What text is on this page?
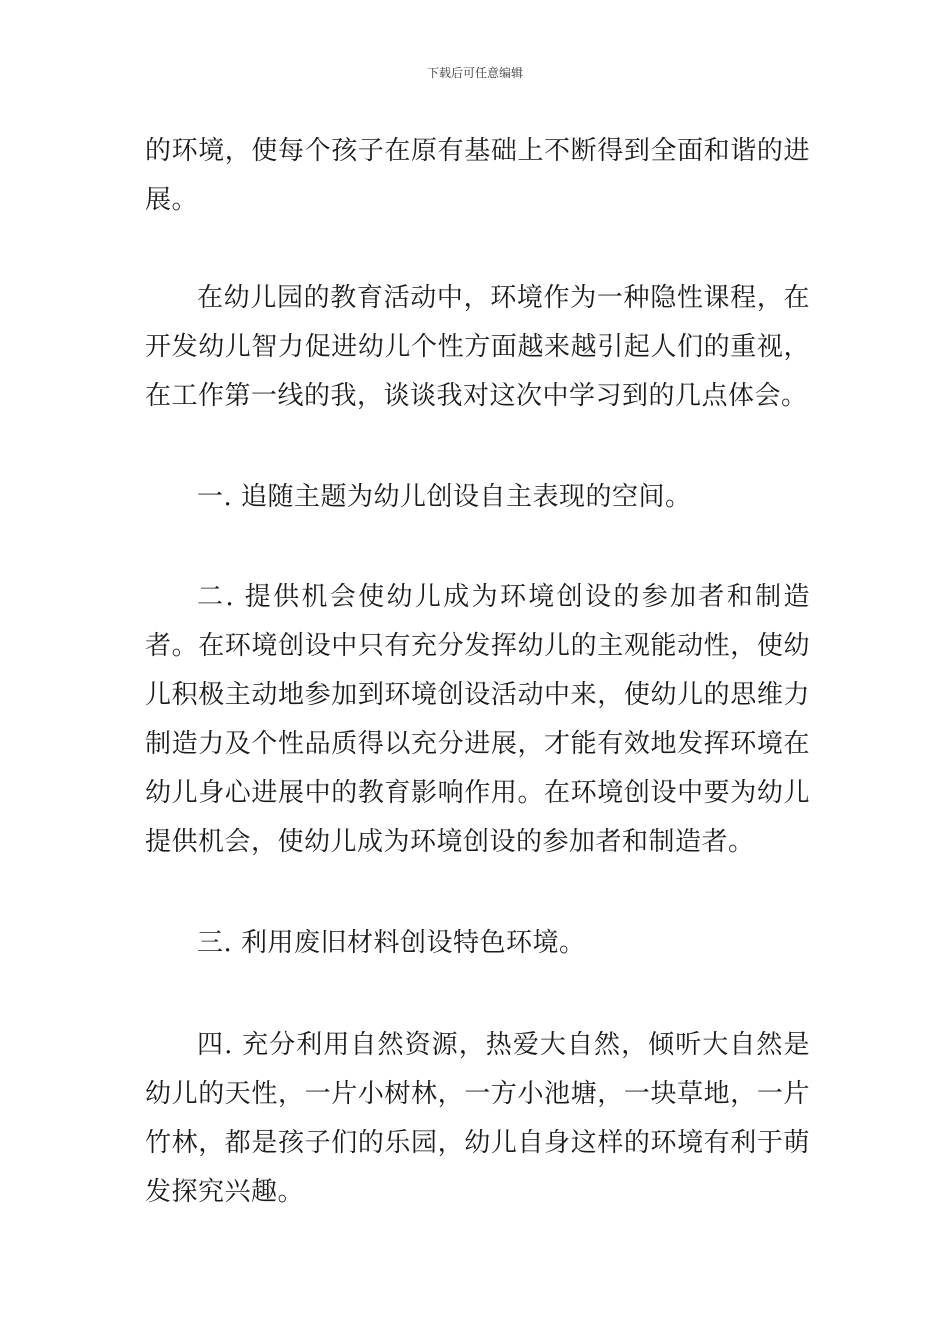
下载后可任意编辑

的环境，使每个孩子在原有基础上不断得到全面和谐的进展。

在幼儿园的教育活动中，环境作为一种隐性课程，在开发幼儿智力促进幼儿个性方面越来越引起人们的重视，在工作第一线的我，谈谈我对这次中学习到的几点体会。

一. 追随主题为幼儿创设自主表现的空间。

二. 提供机会使幼儿成为环境创设的参加者和制造者。在环境创设中只有充分发挥幼儿的主观能动性，使幼儿积极主动地参加到环境创设活动中来，使幼儿的思维力制造力及个性品质得以充分进展，才能有效地发挥环境在幼儿身心进展中的教育影响作用。在环境创设中要为幼儿提供机会，使幼儿成为环境创设的参加者和制造者。

三. 利用废旧材料创设特色环境。

四. 充分利用自然资源，热爱大自然，倾听大自然是幼儿的天性，一片小树林，一方小池塘，一块草地，一片竹林，都是孩子们的乐园，幼儿自身这样的环境有利于萌发探究兴趣。
